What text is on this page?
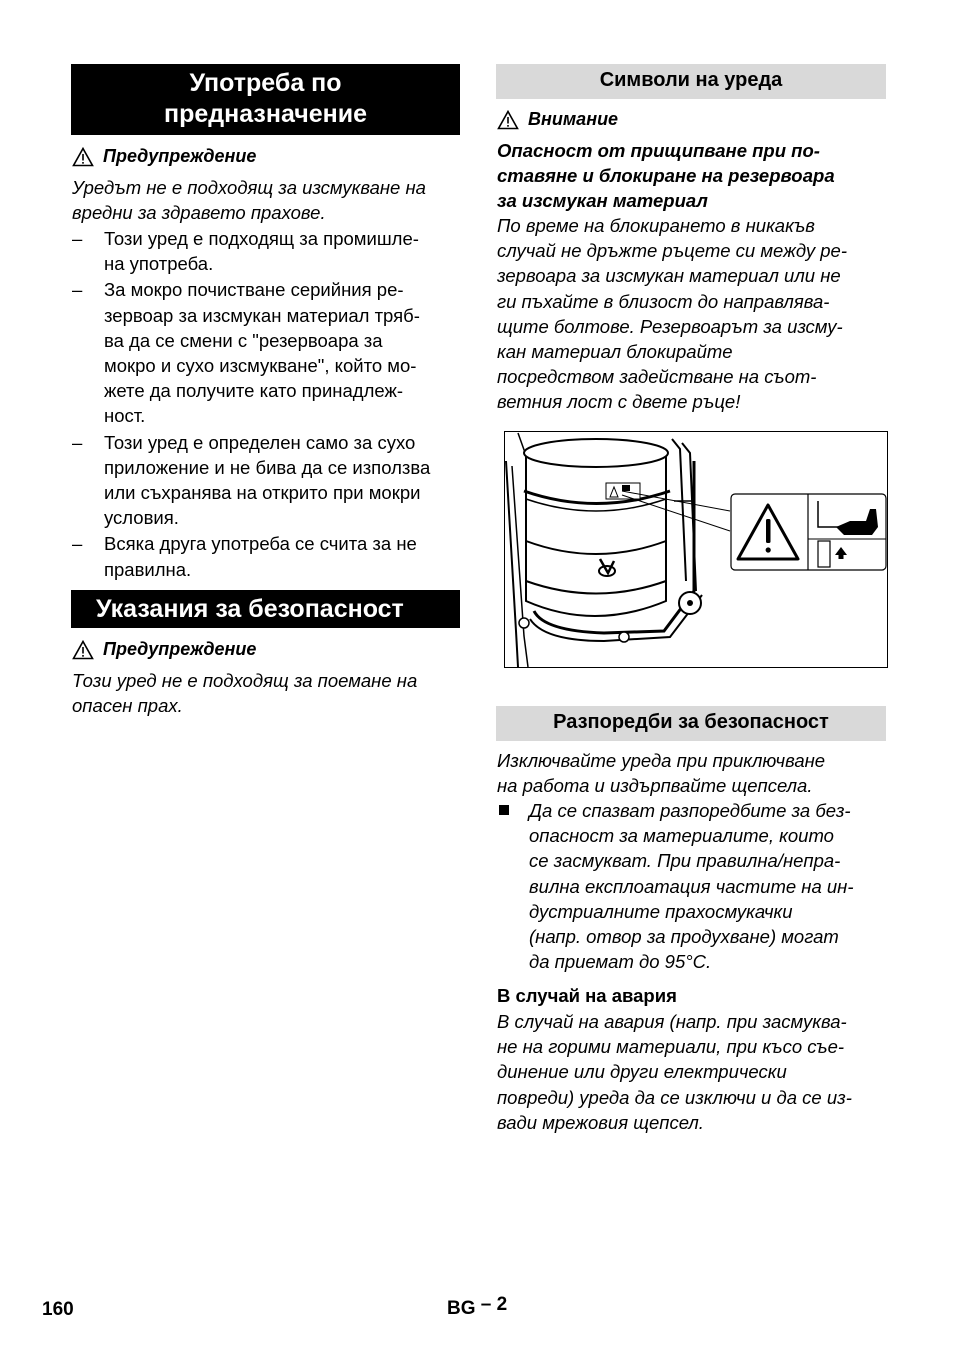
Употреба по
предназначение
Предупреждение
Уредът не е подходящ за изсмукване на
вредни за здравето прахове.
– Този уред е подходящ за промишле-
на употреба.
– За мокро почистване серийния ре-
зервоар за изсмукан материал тряб-
ва да се смени с "резервоара за
мокро и сухо изсмукване", който мо-
жете да получите като принадлеж-
ност.
– Този уред е определен само за сухо
приложение и не бива да се използва
или съхранява на открито при мокри
условия.
– Всяка друга употреба се счита за не
правилна.
Указания за безопасност
Предупреждение
Този уред не е подходящ за поемане на
опасен прах.
Символи на уреда
Внимание
Опасност от прищипване при по-
ставяне и блокиране на резервоара
за изсмукан материал
По време на блокирането в никакъв
случай не дръжте ръцете си между ре-
зервоара за изсмукан материал или не
ги пъхайте в близост до направлява-
щите болтове. Резервоарът за изсму-
кан материал блокирайте
посредством задействане на съот-
ветния лост с двете ръце!
Разпоредби за безопасност
Изключвайте уреда при приключване
на работа и издърпвайте щепсела.
Да се спазват разпоредбите за без-
опасност за материалите, които
се засмукват. При правилна/непра-
вилна експлоатация частите на ин-
дустриалните прахосмукачки
(напр. отвор за продухване) могат
да приемат до 95°C.
В случай на авария
В случай на авария (напр. при засмуква-
не на горими материали, при късо съе-
динение или други електрически
повреди) уреда да се изключи и да се из-
вади мрежовия щепсел.
160	BG – 2
